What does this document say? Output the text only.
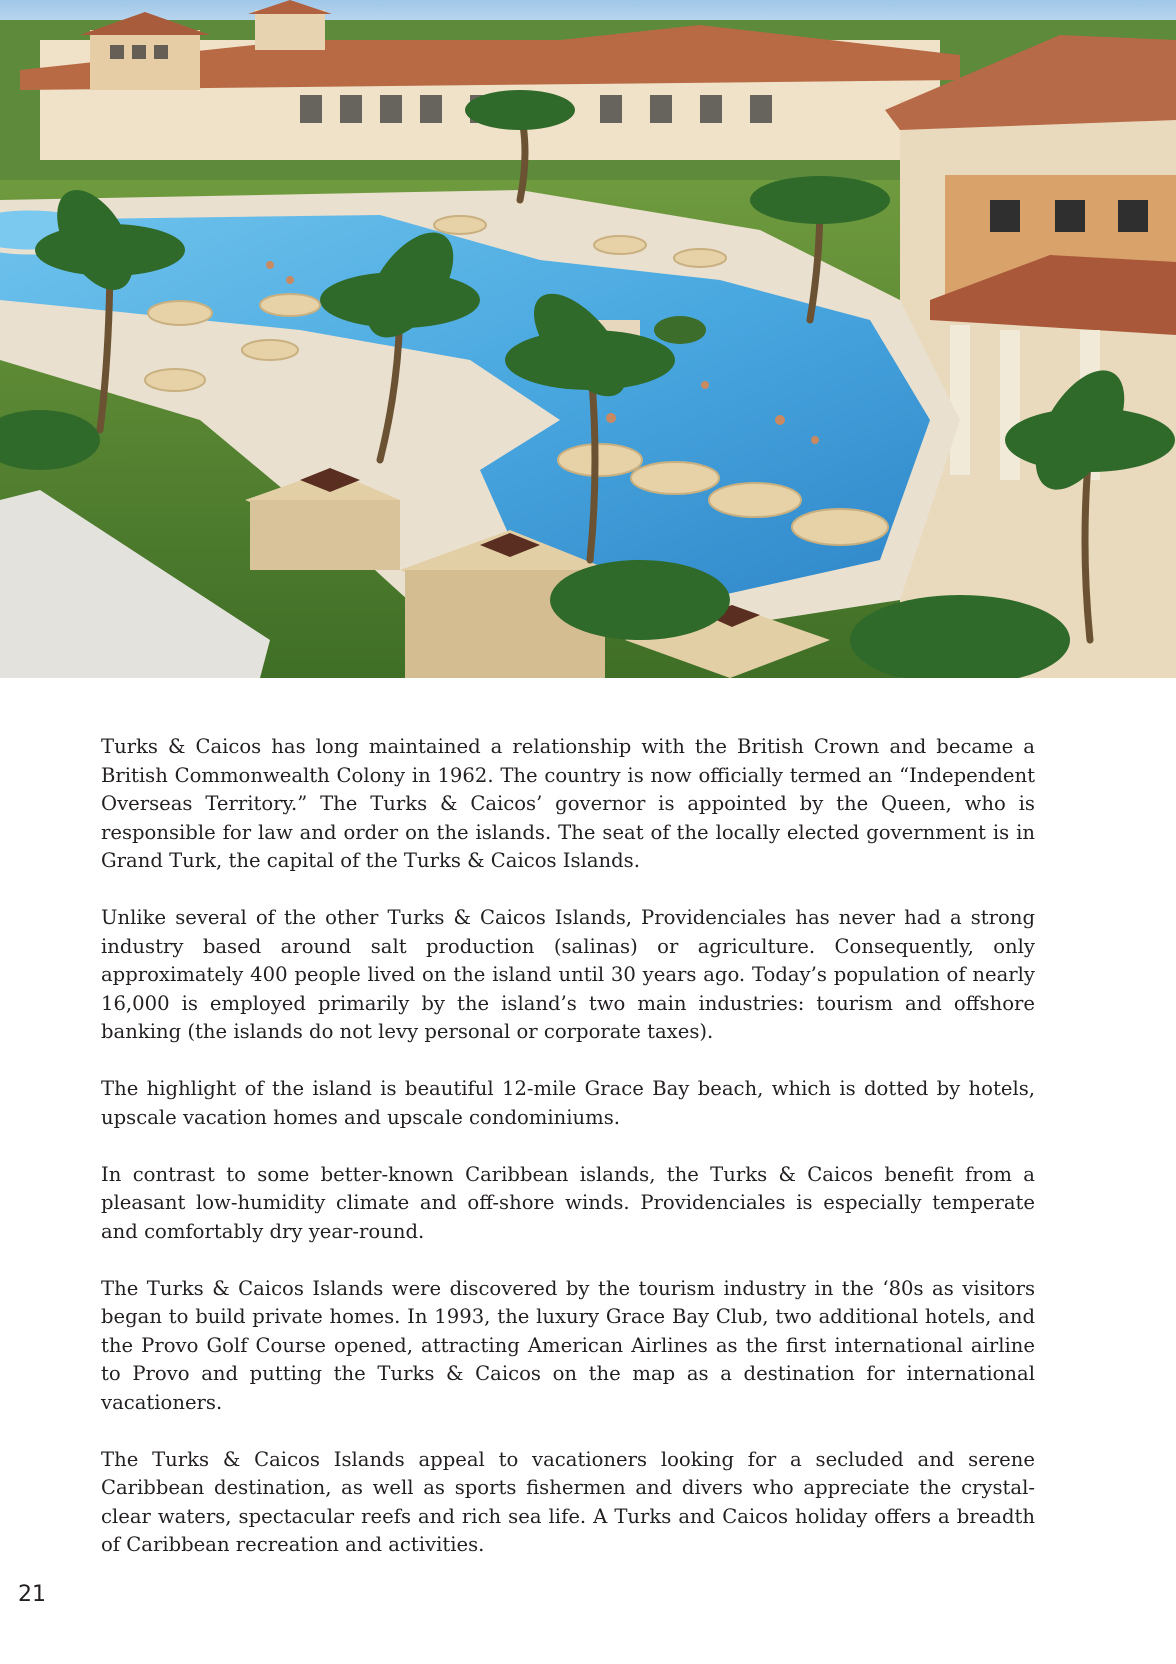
Turks & Caicos has long maintained a relationship with the British Crown and became a British Commonwealth Colony in 1962. The country is now officially termed an “Independent Overseas Territory.” The Turks & Caicos’ governor is appointed by the Queen, who is responsible for law and order on the islands. The seat of the locally elected government is in Grand Turk, the capital of the Turks & Caicos Islands.

Unlike several of the other Turks & Caicos Islands, Providenciales has never had a strong industry based around salt production (salinas) or agriculture. Consequently, only approximately 400 people lived on the island until 30 years ago. Today’s population of nearly 16,000 is employed primarily by the island’s two main industries: tourism and offshore banking (the islands do not levy personal or corporate taxes).

The highlight of the island is beautiful 12-mile Grace Bay beach, which is dotted by hotels, upscale vacation homes and upscale condominiums.

In contrast to some better-known Caribbean islands, the Turks & Caicos benefit from a pleasant low-humidity climate and off-shore winds. Providenciales is especially temperate and comfortably dry year-round.

The Turks & Caicos Islands were discovered by the tourism industry in the ‘80s as visitors began to build private homes. In 1993, the luxury Grace Bay Club, two additional hotels, and the Provo Golf Course opened, attracting American Airlines as the first international airline to Provo and putting the Turks & Caicos on the map as a destination for international vacationers.

The Turks & Caicos Islands appeal to vacationers looking for a secluded and serene Caribbean destination, as well as sports fishermen and divers who appreciate the crystal-clear waters, spectacular reefs and rich sea life. A Turks and Caicos holiday offers a breadth of Caribbean recreation and activities.

21
